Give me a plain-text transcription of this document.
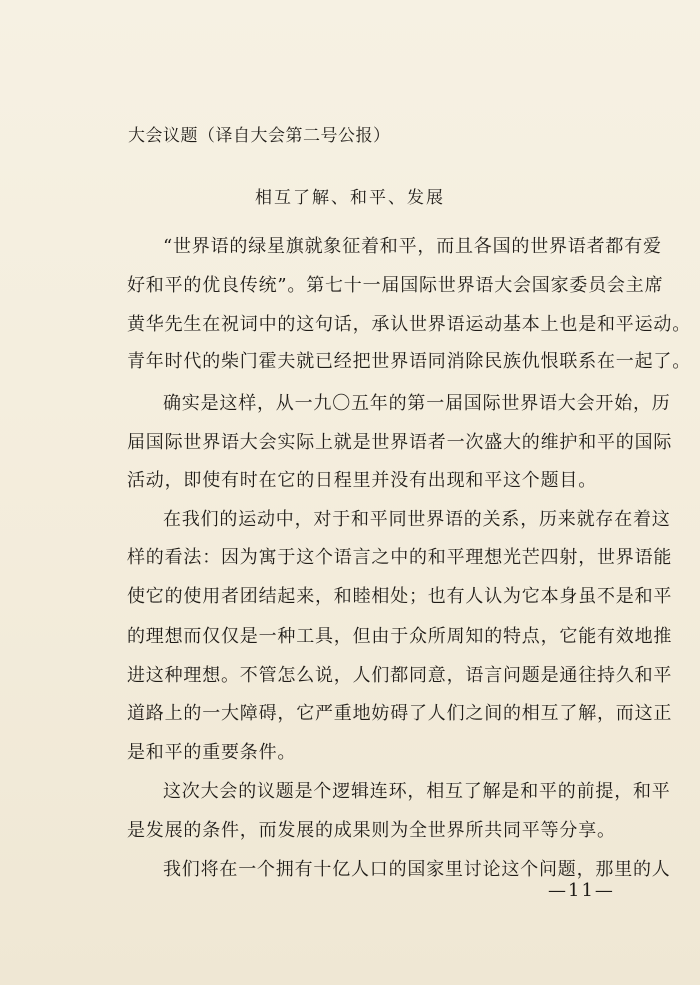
大会议题（译自大会第二号公报）
相互了解、和平、发展
“世界语的绿星旗就象征着和平，而且各国的世界语者都有爱
好和平的优良传统”。第七十一届国际世界语大会国家委员会主席
黄华先生在祝词中的这句话，承认世界语运动基本上也是和平运动。
青年时代的柴门霍夫就已经把世界语同消除民族仇恨联系在一起了。
确实是这样，从一九〇五年的第一届国际世界语大会开始，历
届国际世界语大会实际上就是世界语者一次盛大的维护和平的国际
活动，即使有时在它的日程里并没有出现和平这个题目。
在我们的运动中，对于和平同世界语的关系，历来就存在着这
样的看法：因为寓于这个语言之中的和平理想光芒四射，世界语能
使它的使用者团结起来，和睦相处；也有人认为它本身虽不是和平
的理想而仅仅是一种工具，但由于众所周知的特点，它能有效地推
进这种理想。不管怎么说，人们都同意，语言问题是通往持久和平
道路上的一大障碍，它严重地妨碍了人们之间的相互了解，而这正
是和平的重要条件。
这次大会的议题是个逻辑连环，相互了解是和平的前提，和平
是发展的条件，而发展的成果则为全世界所共同平等分享。
我们将在一个拥有十亿人口的国家里讨论这个问题，那里的人
—11—
